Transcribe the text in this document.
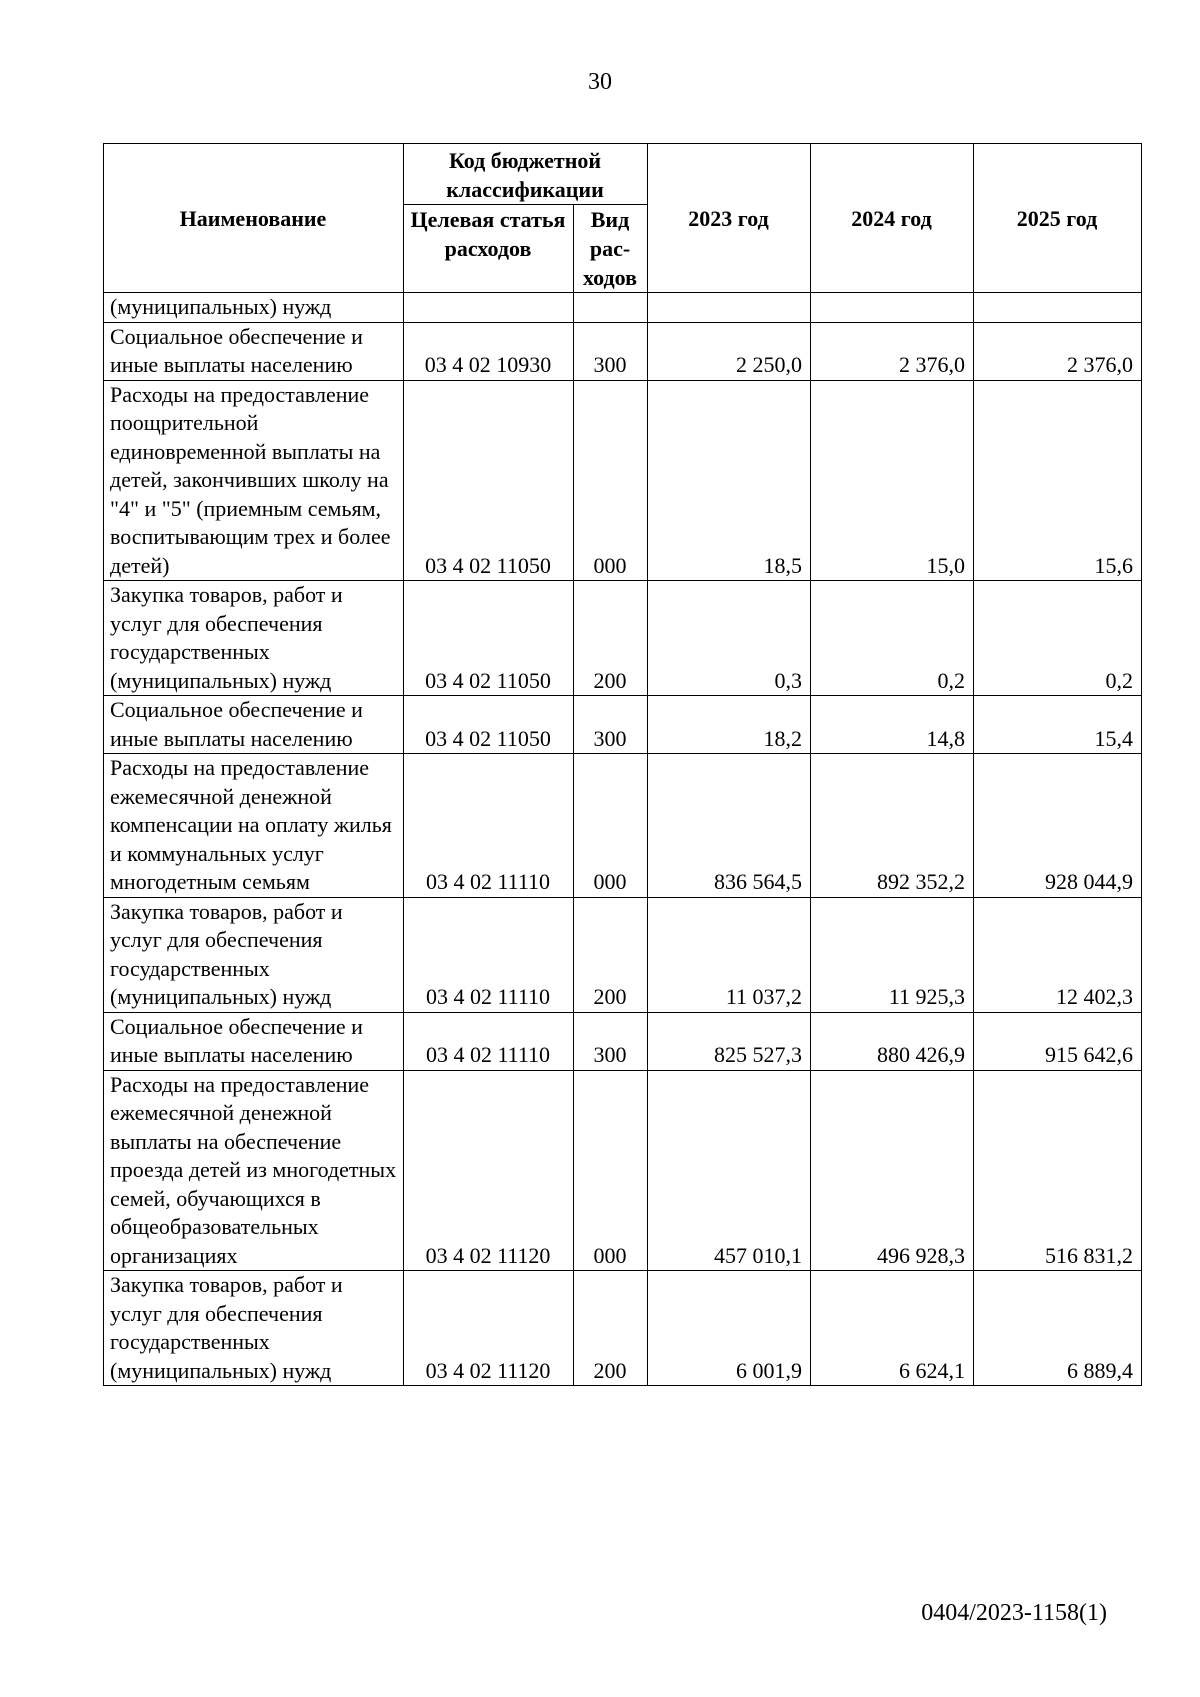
30
Наименование	Код бюджетной классификации		2023 год	2024 год	2025 год
	Целевая статья расходов	Вид рас-ходов			
(муниципальных) нужд					
Социальное обеспечение и иные выплаты населению	03 4 02 10930	300	2 250,0	2 376,0	2 376,0
Расходы на предоставление поощрительной единовременной выплаты на детей, закончивших школу на "4" и "5" (приемным семьям, воспитывающим трех и более детей)	03 4 02 11050	000	18,5	15,0	15,6
Закупка товаров, работ и услуг для обеспечения государственных (муниципальных) нужд	03 4 02 11050	200	0,3	0,2	0,2
Социальное обеспечение и иные выплаты населению	03 4 02 11050	300	18,2	14,8	15,4
Расходы на предоставление ежемесячной денежной компенсации на оплату жилья и коммунальных услуг многодетным семьям	03 4 02 11110	000	836 564,5	892 352,2	928 044,9
Закупка товаров, работ и услуг для обеспечения государственных (муниципальных) нужд	03 4 02 11110	200	11 037,2	11 925,3	12 402,3
Социальное обеспечение и иные выплаты населению	03 4 02 11110	300	825 527,3	880 426,9	915 642,6
Расходы на предоставление ежемесячной денежной выплаты на обеспечение проезда детей из многодетных семей, обучающихся в общеобразовательных организациях	03 4 02 11120	000	457 010,1	496 928,3	516 831,2
Закупка товаров, работ и услуг для обеспечения государственных (муниципальных) нужд	03 4 02 11120	200	6 001,9	6 624,1	6 889,4
0404/2023-1158(1)
